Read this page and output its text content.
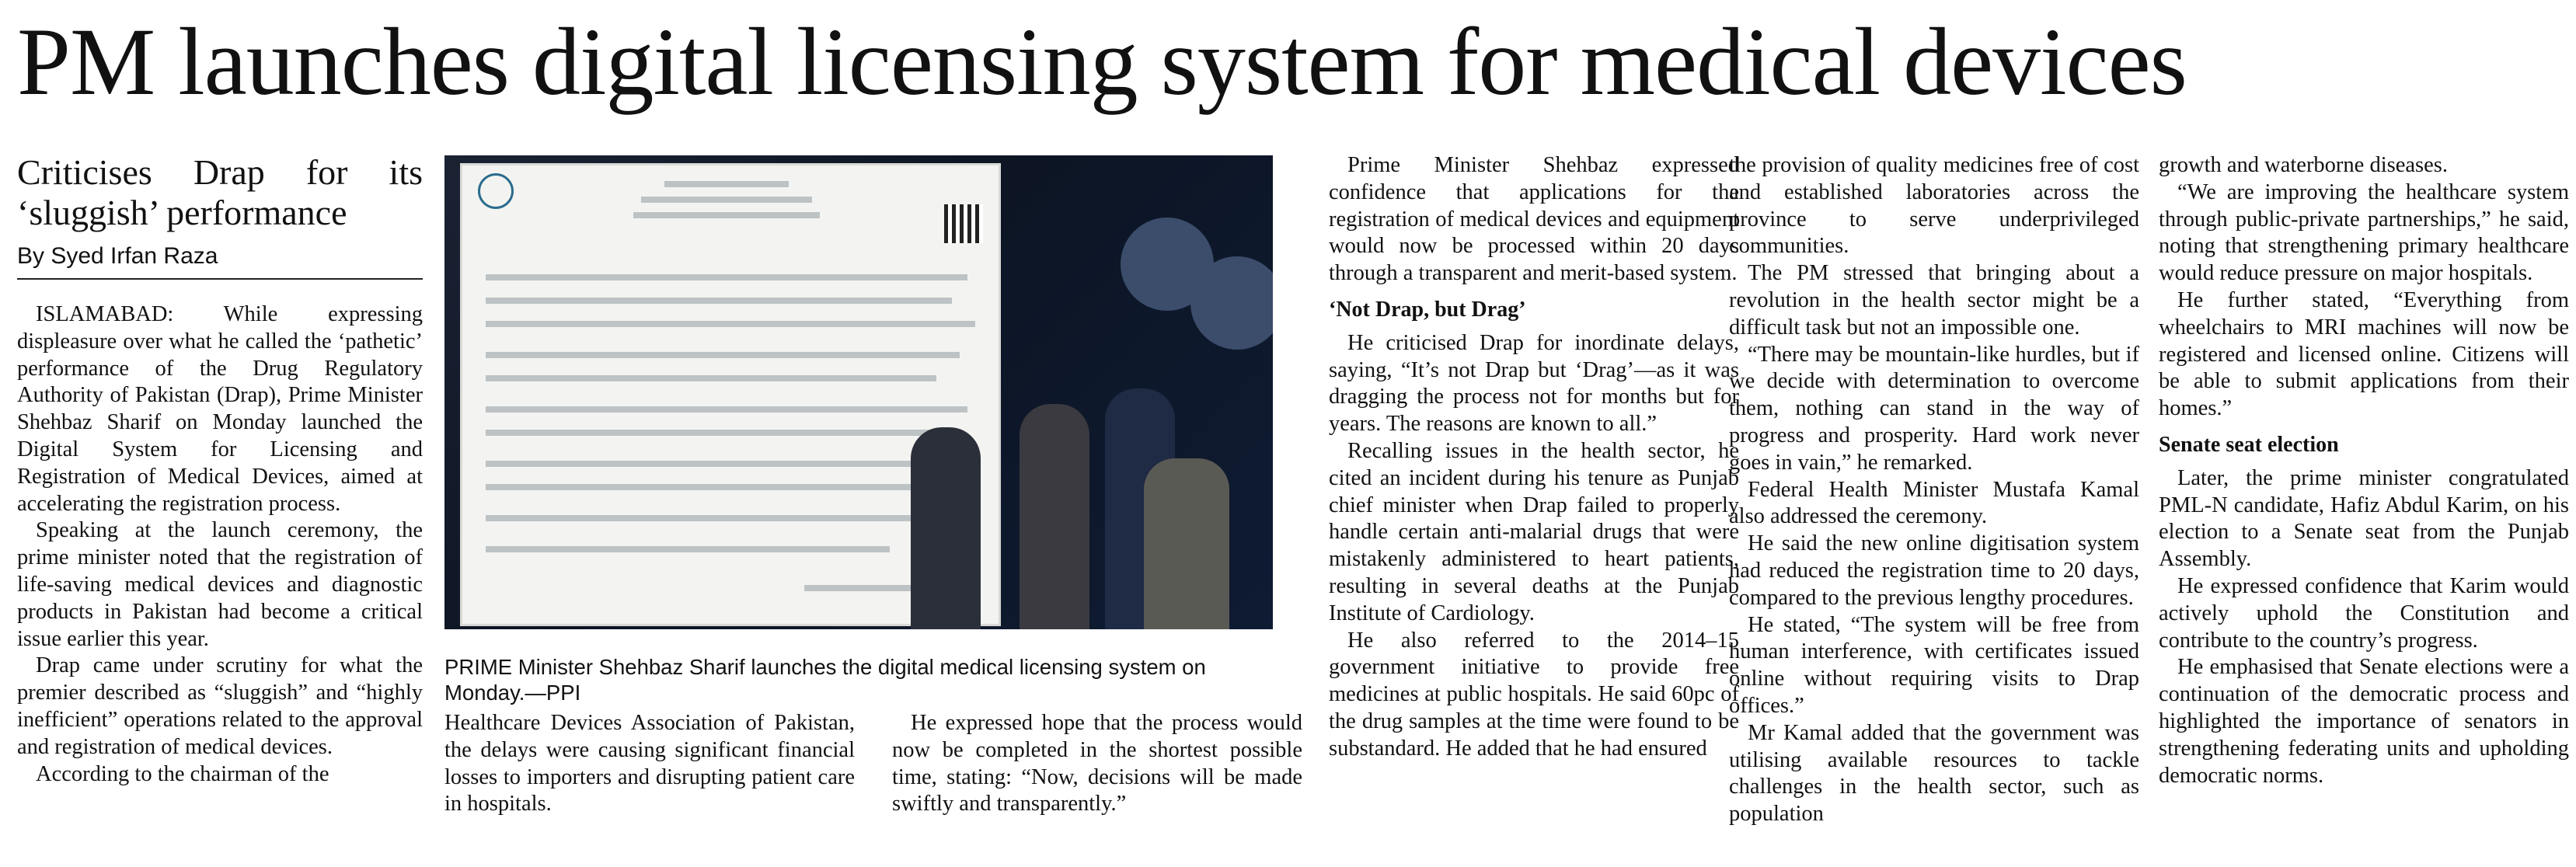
PM launches digital licensing system for medical devices
Criticises Drap for its ‘sluggish’ performance
By Syed Irfan Raza

ISLAMABAD: While expressing displeasure over what he called the ‘pathetic’ performance of the Drug Regulatory Authority of Pakistan (Drap), Prime Minister Shehbaz Sharif on Monday launched the Digital System for Licensing and Registration of Medical Devices, aimed at accelerating the registration process.

Speaking at the launch ceremony, the prime minister noted that the registration of life-saving medical devices and diagnostic products in Pakistan had become a critical issue earlier this year.

Drap came under scrutiny for what the premier described as “sluggish” and “highly inefficient” operations related to the approval and registration of medical devices.

According to the chairman of the

PRIME Minister Shehbaz Sharif launches the digital medical licensing system on Monday.—PPI

Healthcare Devices Association of Pakistan, the delays were causing significant financial losses to importers and disrupting patient care in hospitals.

He expressed hope that the process would now be completed in the shortest possible time, stating: “Now, decisions will be made swiftly and transparently.”

Prime Minister Shehbaz expressed confidence that applications for the registration of medical devices and equipment would now be processed within 20 days through a transparent and merit-based system.

‘Not Drap, but Drag’

He criticised Drap for inordinate delays, saying, “It’s not Drap but ‘Drag’—as it was dragging the process not for months but for years. The reasons are known to all.”

Recalling issues in the health sector, he cited an incident during his tenure as Punjab chief minister when Drap failed to properly handle certain anti-malarial drugs that were mistakenly administered to heart patients, resulting in several deaths at the Punjab Institute of Cardiology.

He also referred to the 2014–15 government initiative to provide free medicines at public hospitals. He said 60pc of the drug samples at the time were found to be substandard. He added that he had ensured

the provision of quality medicines free of cost and established laboratories across the province to serve underprivileged communities.

The PM stressed that bringing about a revolution in the health sector might be a difficult task but not an impossible one.

“There may be mountain-like hurdles, but if we decide with determination to overcome them, nothing can stand in the way of progress and prosperity. Hard work never goes in vain,” he remarked.

Federal Health Minister Mustafa Kamal also addressed the ceremony.

He said the new online digitisation system had reduced the registration time to 20 days, compared to the previous lengthy procedures.

He stated, “The system will be free from human interference, with certificates issued online without requiring visits to Drap offices.”

Mr Kamal added that the government was utilising available resources to tackle challenges in the health sector, such as population

growth and waterborne diseases.

“We are improving the healthcare system through public-private partnerships,” he said, noting that strengthening primary healthcare would reduce pressure on major hospitals.

He further stated, “Everything from wheelchairs to MRI machines will now be registered and licensed online. Citizens will be able to submit applications from their homes.”

Senate seat election

Later, the prime minister congratulated PML-N candidate, Hafiz Abdul Karim, on his election to a Senate seat from the Punjab Assembly.

He expressed confidence that Karim would actively uphold the Constitution and contribute to the country’s progress.

He emphasised that Senate elections were a continuation of the democratic process and highlighted the importance of senators in strengthening federating units and upholding democratic norms.
